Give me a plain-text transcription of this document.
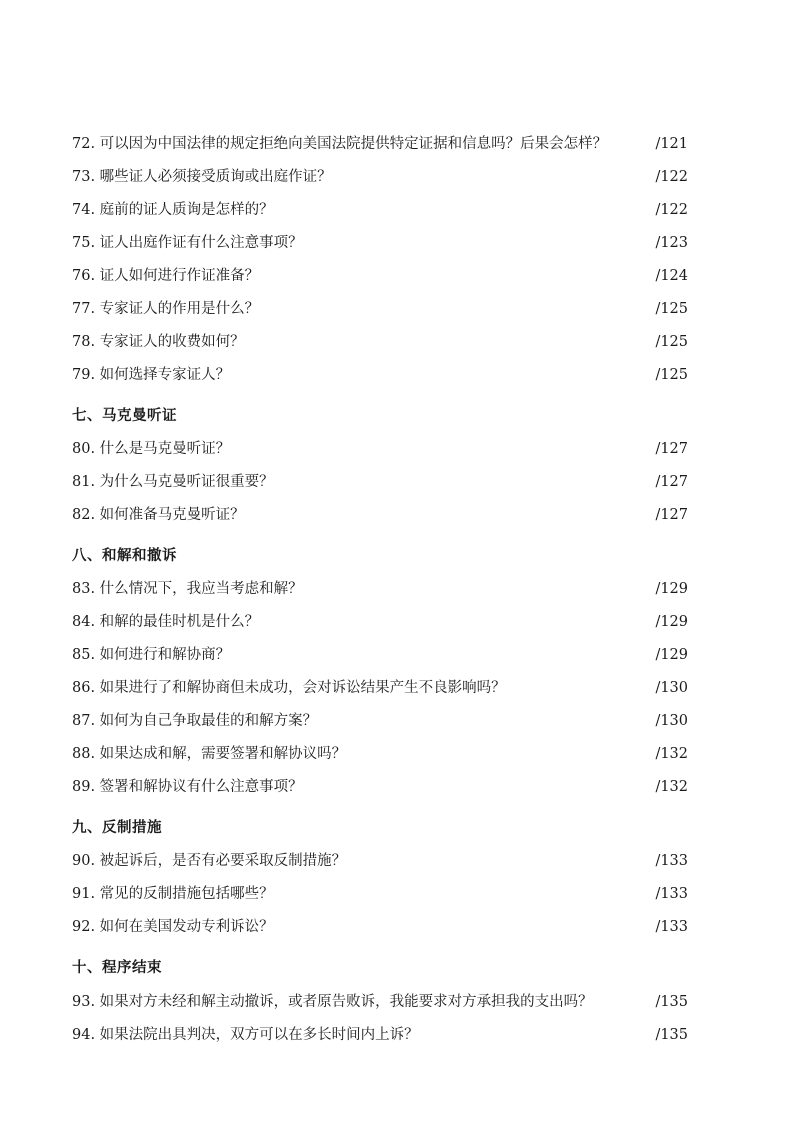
72. 可以因为中国法律的规定拒绝向美国法院提供特定证据和信息吗？后果会怎样？	/121
73. 哪些证人必须接受质询或出庭作证？	/122
74. 庭前的证人质询是怎样的？	/122
75. 证人出庭作证有什么注意事项？	/123
76. 证人如何进行作证准备？	/124
77. 专家证人的作用是什么？	/125
78. 专家证人的收费如何？	/125
79. 如何选择专家证人？	/125
七、马克曼听证
80. 什么是马克曼听证？	/127
81. 为什么马克曼听证很重要？	/127
82. 如何准备马克曼听证？	/127
八、和解和撤诉
83. 什么情况下，我应当考虑和解？	/129
84. 和解的最佳时机是什么？	/129
85. 如何进行和解协商？	/129
86. 如果进行了和解协商但未成功，会对诉讼结果产生不良影响吗？	/130
87. 如何为自己争取最佳的和解方案？	/130
88. 如果达成和解，需要签署和解协议吗？	/132
89. 签署和解协议有什么注意事项？	/132
九、反制措施
90. 被起诉后，是否有必要采取反制措施？	/133
91. 常见的反制措施包括哪些？	/133
92. 如何在美国发动专利诉讼？	/133
十、程序结束
93. 如果对方未经和解主动撤诉，或者原告败诉，我能要求对方承担我的支出吗？	/135
94. 如果法院出具判决，双方可以在多长时间内上诉？	/135
